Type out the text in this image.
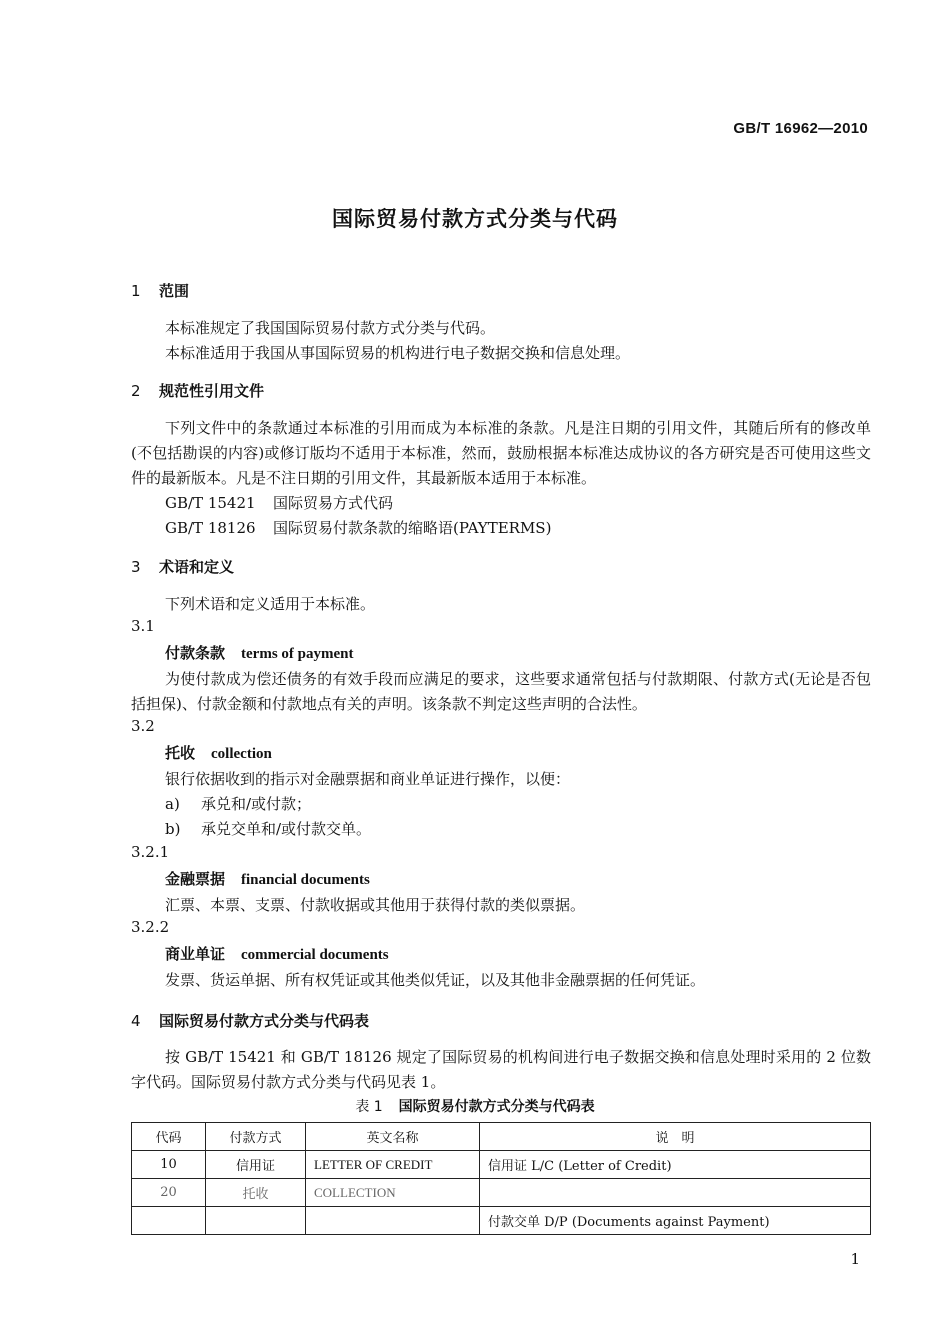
GB/T 16962—2010
国际贸易付款方式分类与代码
1 范围
本标准规定了我国国际贸易付款方式分类与代码。
本标准适用于我国从事国际贸易的机构进行电子数据交换和信息处理。
2 规范性引用文件
下列文件中的条款通过本标准的引用而成为本标准的条款。凡是注日期的引用文件，其随后所有的修改单(不包括勘误的内容)或修订版均不适用于本标准，然而，鼓励根据本标准达成协议的各方研究是否可使用这些文件的最新版本。凡是不注日期的引用文件，其最新版本适用于本标准。
GB/T 15421 国际贸易方式代码
GB/T 18126 国际贸易付款条款的缩略语(PAYTERMS)
3 术语和定义
下列术语和定义适用于本标准。
3.1
付款条款 terms of payment
为使付款成为偿还债务的有效手段而应满足的要求，这些要求通常包括与付款期限、付款方式(无论是否包括担保)、付款金额和付款地点有关的声明。该条款不判定这些声明的合法性。
3.2
托收 collection
银行依据收到的指示对金融票据和商业单证进行操作，以便：
a) 承兑和/或付款；
b) 承兑交单和/或付款交单。
3.2.1
金融票据 financial documents
汇票、本票、支票、付款收据或其他用于获得付款的类似票据。
3.2.2
商业单证 commercial documents
发票、货运单据、所有权凭证或其他类似凭证，以及其他非金融票据的任何凭证。
4 国际贸易付款方式分类与代码表
按 GB/T 15421 和 GB/T 18126 规定了国际贸易的机构间进行电子数据交换和信息处理时采用的 2 位数字代码。国际贸易付款方式分类与代码见表 1。
表 1 国际贸易付款方式分类与代码表
代码	付款方式	英文名称	说　明
10	信用证	LETTER OF CREDIT	信用证 L/C (Letter of Credit)
20	托收	COLLECTION	
			付款交单 D/P (Documents against Payment)
1
